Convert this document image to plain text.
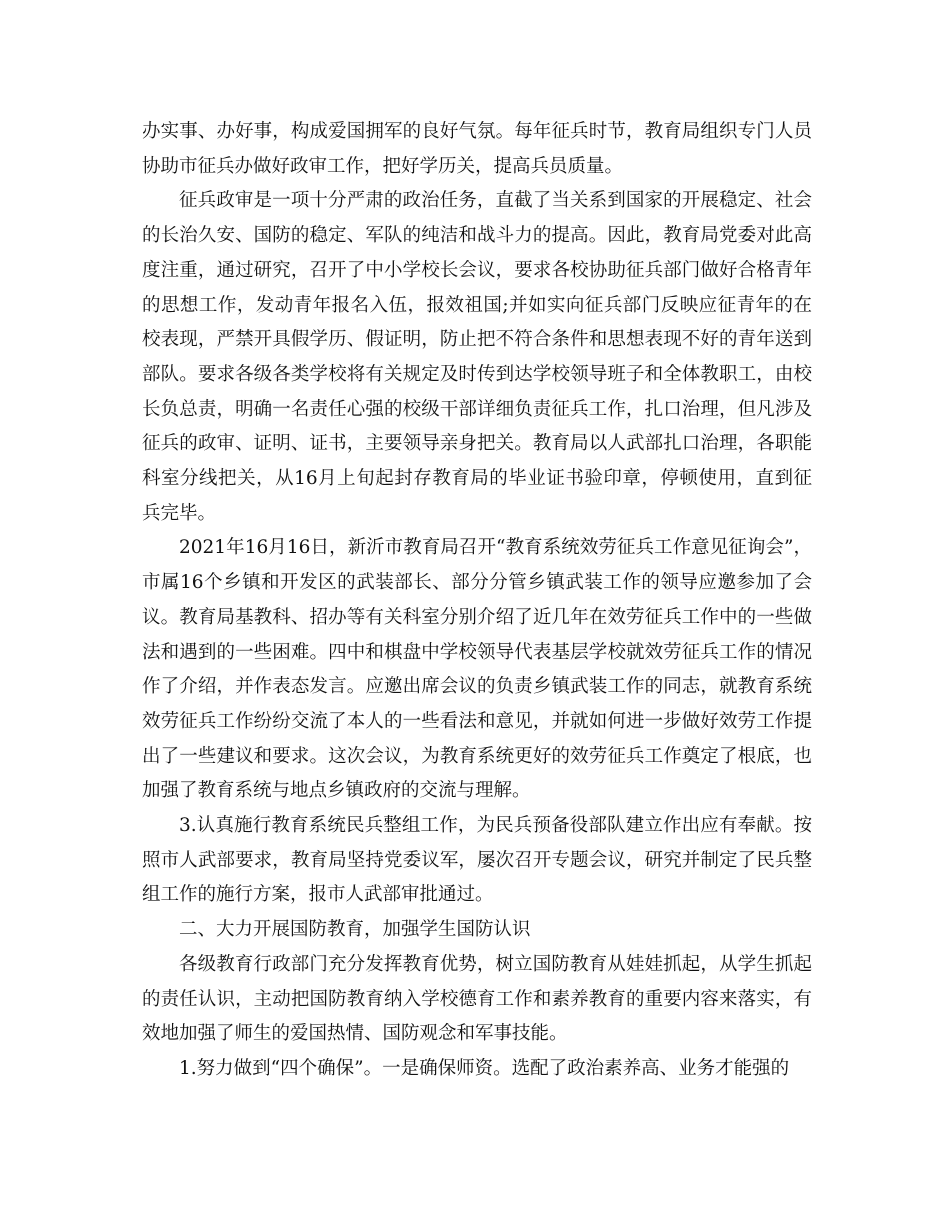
办实事、办好事，构成爱国拥军的良好气氛。每年征兵时节，教育局组织专门人员协助市征兵办做好政审工作，把好学历关，提高兵员质量。

征兵政审是一项十分严肃的政治任务，直截了当关系到国家的开展稳定、社会的长治久安、国防的稳定、军队的纯洁和战斗力的提高。因此，教育局党委对此高度注重，通过研究，召开了中小学校长会议，要求各校协助征兵部门做好合格青年的思想工作，发动青年报名入伍，报效祖国;并如实向征兵部门反映应征青年的在校表现，严禁开具假学历、假证明，防止把不符合条件和思想表现不好的青年送到部队。要求各级各类学校将有关规定及时传到达学校领导班子和全体教职工，由校长负总责，明确一名责任心强的校级干部详细负责征兵工作，扎口治理，但凡涉及征兵的政审、证明、证书，主要领导亲身把关。教育局以人武部扎口治理，各职能科室分线把关，从16月上旬起封存教育局的毕业证书验印章，停顿使用，直到征兵完毕。

2021年16月16日，新沂市教育局召开“教育系统效劳征兵工作意见征询会”，市属16个乡镇和开发区的武装部长、部分分管乡镇武装工作的领导应邀参加了会议。教育局基教科、招办等有关科室分别介绍了近几年在效劳征兵工作中的一些做法和遇到的一些困难。四中和棋盘中学校领导代表基层学校就效劳征兵工作的情况作了介绍，并作表态发言。应邀出席会议的负责乡镇武装工作的同志，就教育系统效劳征兵工作纷纷交流了本人的一些看法和意见，并就如何进一步做好效劳工作提出了一些建议和要求。这次会议，为教育系统更好的效劳征兵工作奠定了根底，也加强了教育系统与地点乡镇政府的交流与理解。

3.认真施行教育系统民兵整组工作，为民兵预备役部队建立作出应有奉献。按照市人武部要求，教育局坚持党委议军，屡次召开专题会议，研究并制定了民兵整组工作的施行方案，报市人武部审批通过。

二、大力开展国防教育，加强学生国防认识

各级教育行政部门充分发挥教育优势，树立国防教育从娃娃抓起，从学生抓起的责任认识，主动把国防教育纳入学校德育工作和素养教育的重要内容来落实，有效地加强了师生的爱国热情、国防观念和军事技能。

1.努力做到“四个确保”。一是确保师资。选配了政治素养高、业务才能强的
